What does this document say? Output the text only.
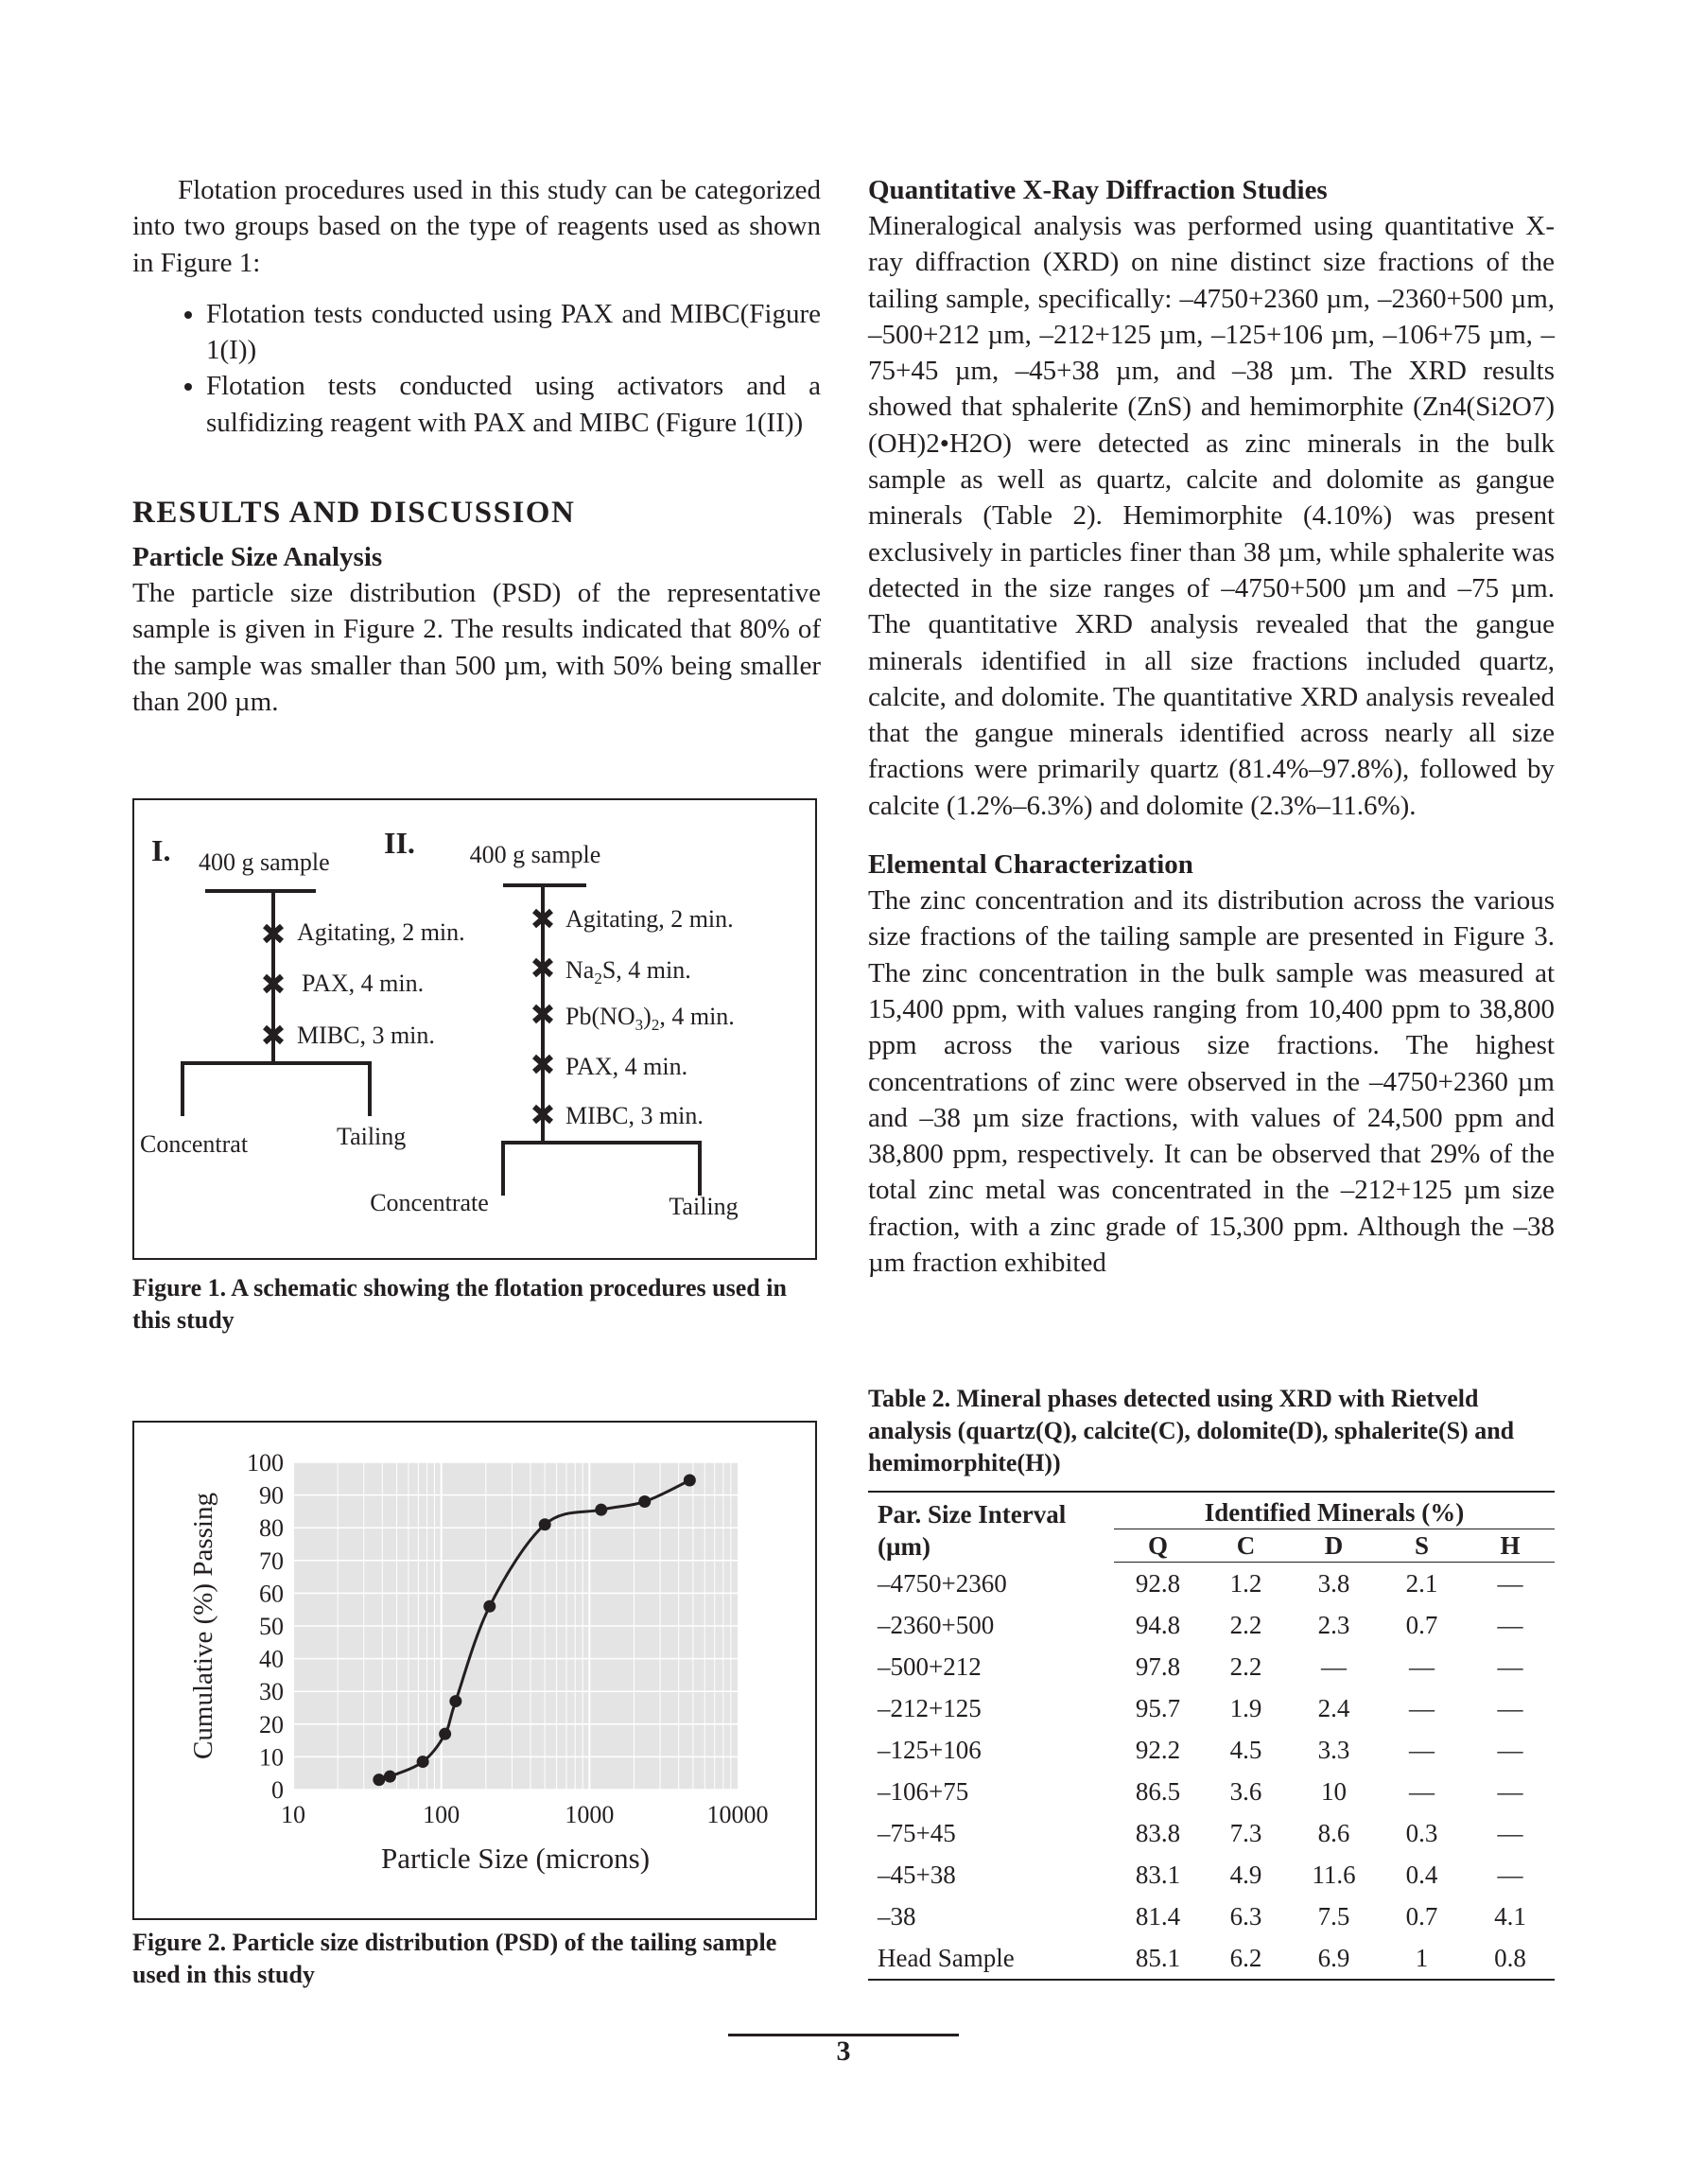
Flotation procedures used in this study can be categorized into two groups based on the type of reagents used as shown in Figure 1:

• Flotation tests conducted using PAX and MIBC(Figure 1(I))
• Flotation tests conducted using activators and a sulfidizing reagent with PAX and MIBC (Figure 1(II))
RESULTS AND DISCUSSION
Particle Size Analysis

The particle size distribution (PSD) of the representative sample is given in Figure 2. The results indicated that 80% of the sample was smaller than 500 µm, with 50% being smaller than 200 µm.

Quantitative X-Ray Diffraction Studies

Mineralogical analysis was performed using quantitative X-ray diffraction (XRD) on nine distinct size fractions of the tailing sample, specifically: –4750+2360 µm, –2360+500 µm, –500+212 µm, –212+125 µm, –125+106 µm, –106+75 µm, –75+45 µm, –45+38 µm, and –38 µm. The XRD results showed that sphalerite (ZnS) and hemimorphite (Zn4(Si2O7)(OH)2•H2O) were detected as zinc minerals in the bulk sample as well as quartz, calcite and dolomite as gangue minerals (Table 2). Hemimorphite (4.10%) was present exclusively in particles finer than 38 µm, while sphalerite was detected in the size ranges of –4750+500 µm and –75 µm. The quantitative XRD analysis revealed that the gangue minerals identified in all size fractions included quartz, calcite, and dolomite. The quantitative XRD analysis revealed that the gangue minerals identified across nearly all size fractions were primarily quartz (81.4%–97.8%), followed by calcite (1.2%–6.3%) and dolomite (2.3%–11.6%).

Elemental Characterization

The zinc concentration and its distribution across the various size fractions of the tailing sample are presented in Figure 3. The zinc concentration in the bulk sample was measured at 15,400 ppm, with values ranging from 10,400 ppm to 38,800 ppm across the various size fractions. The highest concentrations of zinc were observed in the –4750+2360 µm and –38 µm size fractions, with values of 24,500 ppm and 38,800 ppm, respectively. It can be observed that 29% of the total zinc metal was concentrated in the –212+125 µm size fraction, with a zinc grade of 15,300 ppm. Although the –38 µm fraction exhibited

I. 400 g sample
Agitating, 2 min.
PAX, 4 min.
MIBC, 3 min.
Concentrat	Tailing
II. 400 g sample
Agitating, 2 min.
$Na_2S$, 4 min.
$Pb(NO_3)_2$, 4 min.
PAX, 4 min.
MIBC, 3 min.
Concentrate	Tailing
Figure 1. A schematic showing the flotation procedures used in this study
0
10
20
30
40
50
60
70
80
90
100
10	100	1000	10000
Cumulative (%) Passing
Particle Size (microns)
Figure 2. Particle size distribution (PSD) of the tailing sample used in this study
Table 2. Mineral phases detected using XRD with Rietveld analysis (quartz(Q), calcite(C), dolomite(D), sphalerite(S) and hemimorphite(H))
Par. Size Interval
(µm)	Identified Minerals (%)				
	Q	C	D	S	H
–4750+2360	92.8	1.2	3.8	2.1	—
–2360+500	94.8	2.2	2.3	0.7	—
–500+212	97.8	2.2	—	—	—
–212+125	95.7	1.9	2.4	—	—
–125+106	92.2	4.5	3.3	—	—
–106+75	86.5	3.6	10	—	—
–75+45	83.8	7.3	8.6	0.3	—
–45+38	83.1	4.9	11.6	0.4	—
–38	81.4	6.3	7.5	0.7	4.1
Head Sample	85.1	6.2	6.9	1	0.8
3
